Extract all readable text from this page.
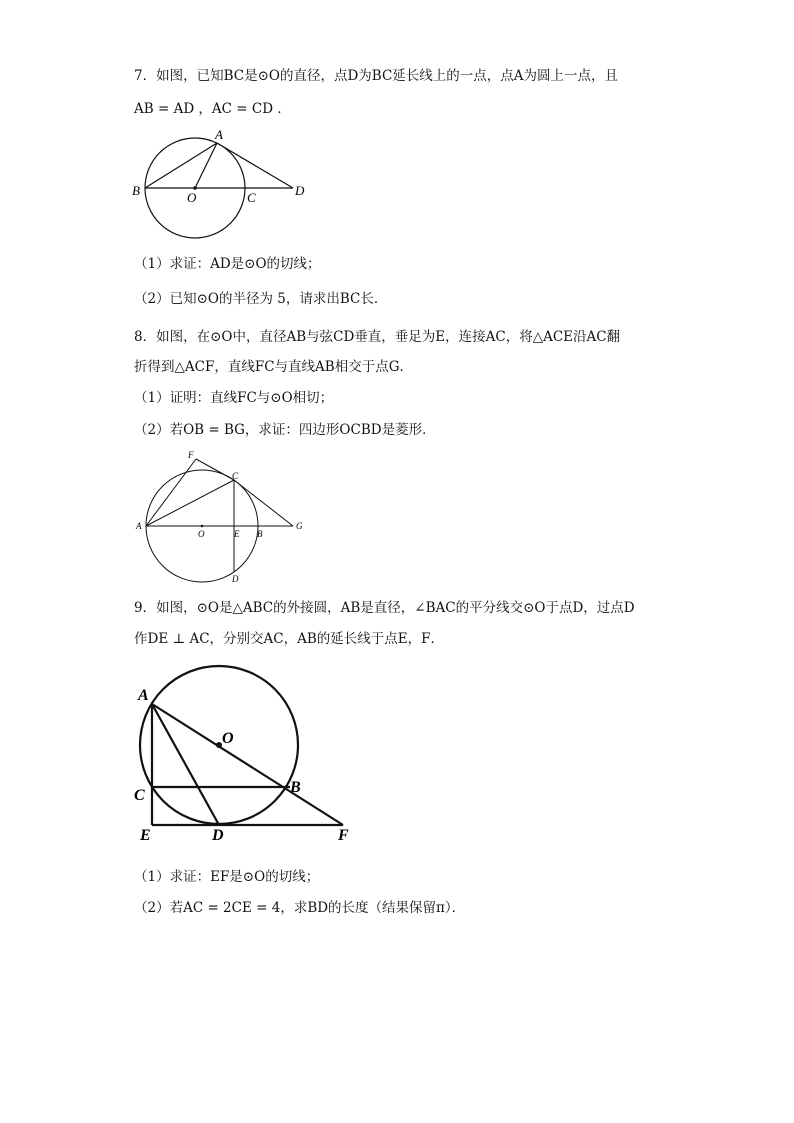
7．如图，已知BC是⊙O的直径，点D为BC延长线上的一点，点A为圆上一点，且
AB = AD ，AC = CD ．
A
B	O	C	D
（1）求证：AD是⊙O的切线；
（2）已知⊙O的半径为 5，请求出BC长．
8．如图，在⊙O中，直径AB与弦CD垂直，垂足为E，连接AC，将△ACE沿AC翻
折得到△ACF，直线FC与直线AB相交于点G．
（1）证明：直线FC与⊙O相切；
（2）若OB = BG，求证：四边形OCBD是菱形．
F
C
A
O	E B
G
D
9．如图，⊙O是△ABC的外接圆，AB是直径，∠BAC的平分线交⊙O于点D，过点D
作DE ⊥ AC，分别交AC，AB的延长线于点E，F．
A
O
B
C
E	D	F
（1）求证：EF是⊙O的切线；
（2）若AC = 2CE = 4，求BD的长度（结果保留π）．
